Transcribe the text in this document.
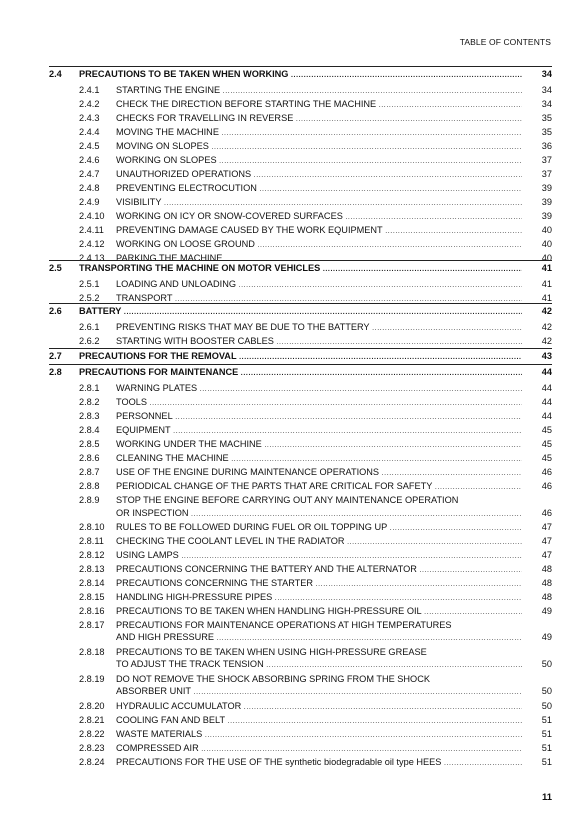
TABLE OF CONTENTS
2.4 PRECAUTIONS TO BE TAKEN WHEN WORKING .....	34
2.4.1 STARTING THE ENGINE .....	34
2.4.2 CHECK THE DIRECTION BEFORE STARTING THE MACHINE .....	34
2.4.3 CHECKS FOR TRAVELLING IN REVERSE .....	35
2.4.4 MOVING THE MACHINE .....	35
2.4.5 MOVING ON SLOPES .....	36
2.4.6 WORKING ON SLOPES .....	37
2.4.7 UNAUTHORIZED OPERATIONS .....	37
2.4.8 PREVENTING ELECTROCUTION .....	39
2.4.9 VISIBILITY .....	39
2.4.10 WORKING ON ICY OR SNOW-COVERED SURFACES .....	39
2.4.11 PREVENTING DAMAGE CAUSED BY THE WORK EQUIPMENT .....	40
2.4.12 WORKING ON LOOSE GROUND .....	40
2.4.13 PARKING THE MACHINE .....	40
2.5 TRANSPORTING THE MACHINE ON MOTOR VEHICLES .....	41
2.5.1 LOADING AND UNLOADING .....	41
2.5.2 TRANSPORT .....	41
2.6 BATTERY .....	42
2.6.1 PREVENTING RISKS THAT MAY BE DUE TO THE BATTERY .....	42
2.6.2 STARTING WITH BOOSTER CABLES .....	42
2.7 PRECAUTIONS FOR THE REMOVAL .....	43
2.8 PRECAUTIONS FOR MAINTENANCE .....	44
2.8.1 WARNING PLATES .....	44
2.8.2 TOOLS .....	44
2.8.3 PERSONNEL .....	44
2.8.4 EQUIPMENT .....	45
2.8.5 WORKING UNDER THE MACHINE .....	45
2.8.6 CLEANING THE MACHINE .....	45
2.8.7 USE OF THE ENGINE DURING MAINTENANCE OPERATIONS .....	46
2.8.8 PERIODICAL CHANGE OF THE PARTS THAT ARE CRITICAL FOR SAFETY .....	46
2.8.9 STOP THE ENGINE BEFORE CARRYING OUT ANY MAINTENANCE OPERATION
OR INSPECTION .....	46
2.8.10 RULES TO BE FOLLOWED DURING FUEL OR OIL TOPPING UP .....	47
2.8.11 CHECKING THE COOLANT LEVEL IN THE RADIATOR .....	47
2.8.12 USING LAMPS .....	47
2.8.13 PRECAUTIONS CONCERNING THE BATTERY AND THE ALTERNATOR .....	48
2.8.14 PRECAUTIONS CONCERNING THE STARTER .....	48
2.8.15 HANDLING HIGH-PRESSURE PIPES .....	48
2.8.16 PRECAUTIONS TO BE TAKEN WHEN HANDLING HIGH-PRESSURE OIL .....	49
2.8.17 PRECAUTIONS FOR MAINTENANCE OPERATIONS AT HIGH TEMPERATURES
AND HIGH PRESSURE .....	49
2.8.18 PRECAUTIONS TO BE TAKEN WHEN USING HIGH-PRESSURE GREASE
TO ADJUST THE TRACK TENSION .....	50
2.8.19 DO NOT REMOVE THE SHOCK ABSORBING SPRING FROM THE SHOCK
ABSORBER UNIT .....	50
2.8.20 HYDRAULIC ACCUMULATOR .....	50
2.8.21 COOLING FAN AND BELT .....	51
2.8.22 WASTE MATERIALS .....	51
2.8.23 COMPRESSED AIR .....	51
2.8.24 PRECAUTIONS FOR THE USE OF THE synthetic biodegradable oil type HEES .....	51
11
